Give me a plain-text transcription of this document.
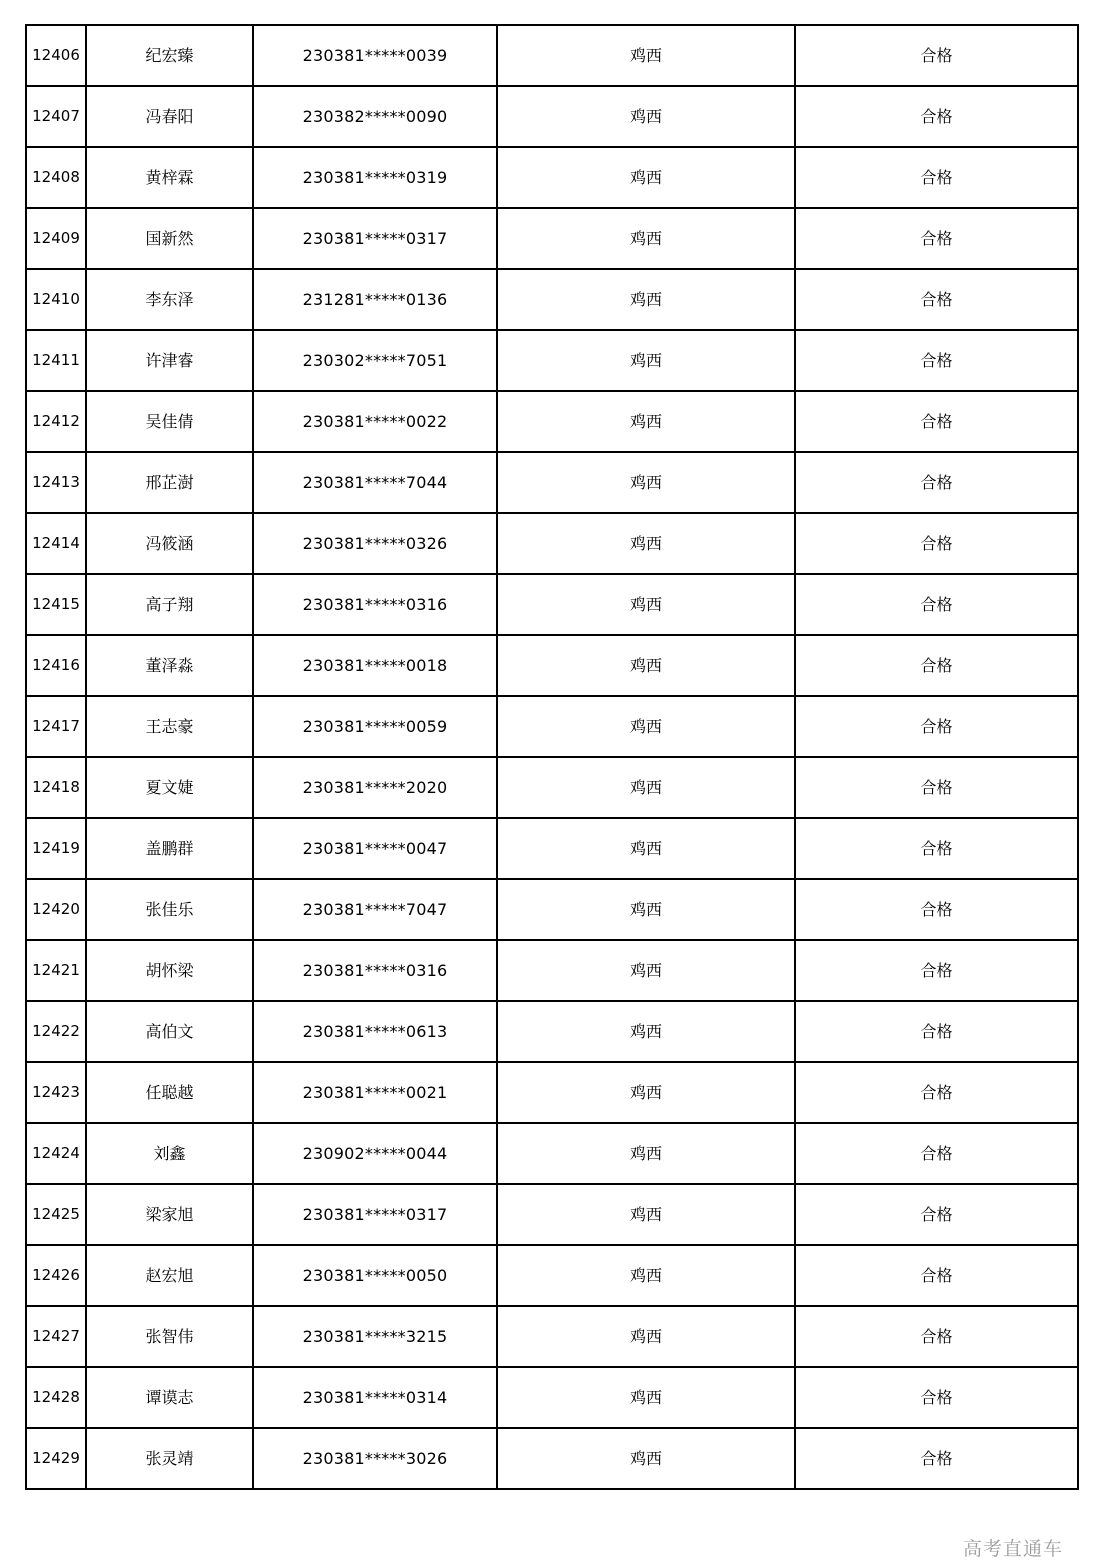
12406	纪宏臻	230381*****0039	鸡西	合格
12407	冯春阳	230382*****0090	鸡西	合格
12408	黄梓霖	230381*****0319	鸡西	合格
12409	国新然	230381*****0317	鸡西	合格
12410	李东泽	231281*****0136	鸡西	合格
12411	许津睿	230302*****7051	鸡西	合格
12412	吴佳倩	230381*****0022	鸡西	合格
12413	邢芷澍	230381*****7044	鸡西	合格
12414	冯筱涵	230381*****0326	鸡西	合格
12415	高子翔	230381*****0316	鸡西	合格
12416	董泽淼	230381*****0018	鸡西	合格
12417	王志豪	230381*****0059	鸡西	合格
12418	夏文婕	230381*****2020	鸡西	合格
12419	盖鹏群	230381*****0047	鸡西	合格
12420	张佳乐	230381*****7047	鸡西	合格
12421	胡怀梁	230381*****0316	鸡西	合格
12422	高伯文	230381*****0613	鸡西	合格
12423	任聪越	230381*****0021	鸡西	合格
12424	刘鑫	230902*****0044	鸡西	合格
12425	梁家旭	230381*****0317	鸡西	合格
12426	赵宏旭	230381*****0050	鸡西	合格
12427	张智伟	230381*****3215	鸡西	合格
12428	谭谟志	230381*****0314	鸡西	合格
12429	张灵靖	230381*****3026	鸡西	合格
高考直通车
